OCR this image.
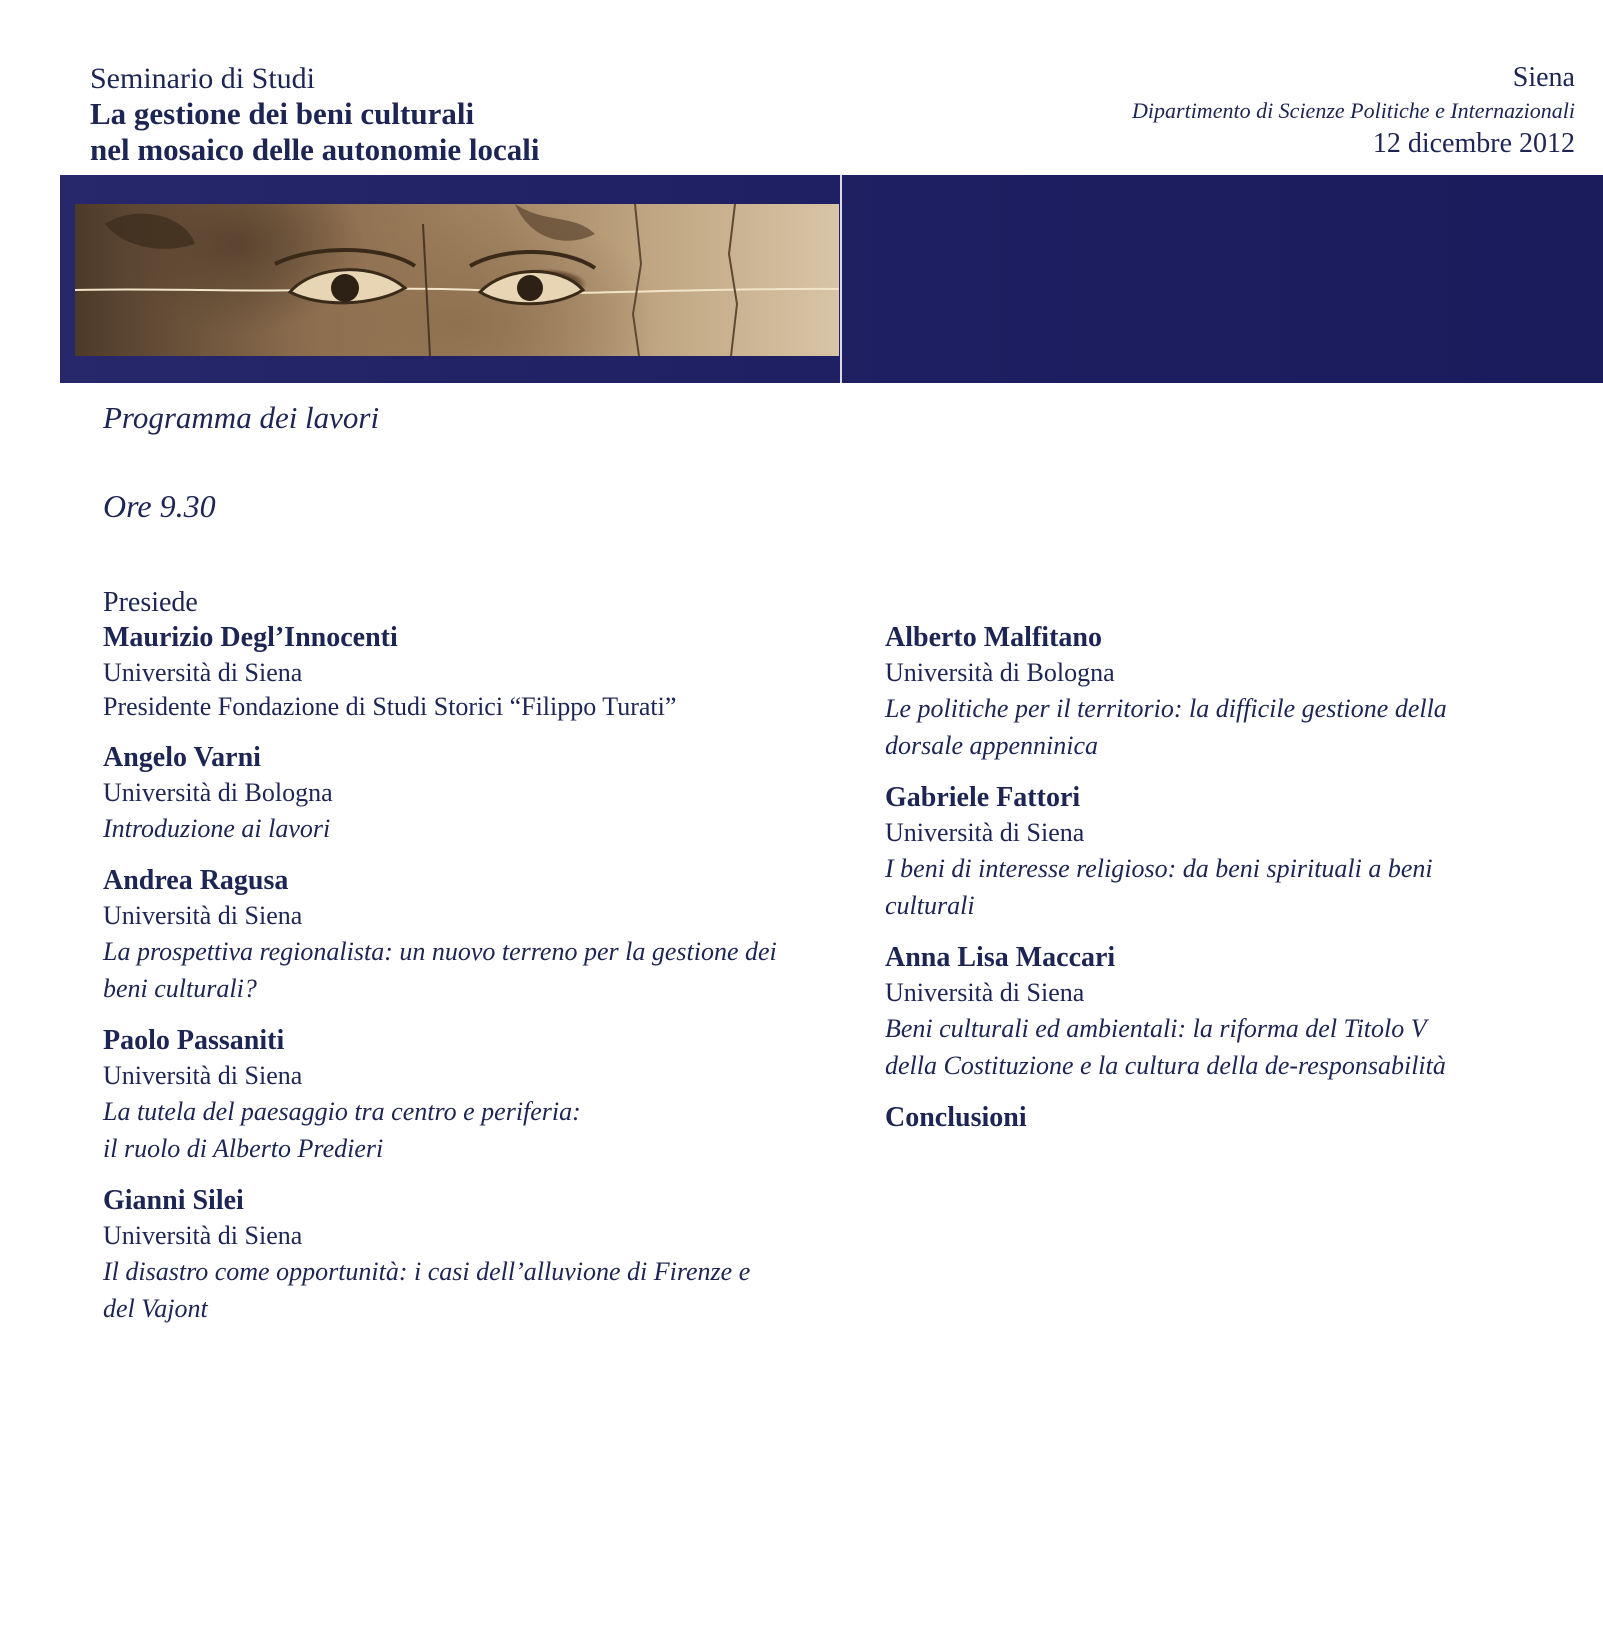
Seminario di Studi
La gestione dei beni culturali
nel mosaico delle autonomie locali
Siena
Dipartimento di Scienze Politiche e Internazionali
12 dicembre 2012
Programma dei lavori
Ore 9.30
Presiede
Maurizio Degl’Innocenti
Università di Siena
Presidente Fondazione di Studi Storici “Filippo Turati”
Angelo Varni
Università di Bologna
Introduzione ai lavori
Andrea Ragusa
Università di Siena
La prospettiva regionalista: un nuovo terreno per la gestione dei
beni culturali?
Paolo Passaniti
Università di Siena
La tutela del paesaggio tra centro e periferia:
il ruolo di Alberto Predieri
Gianni Silei
Università di Siena
Il disastro come opportunità: i casi dell’alluvione di Firenze e
del Vajont
Alberto Malfitano
Università di Bologna
Le politiche per il territorio: la difficile gestione della
dorsale appenninica
Gabriele Fattori
Università di Siena
I beni di interesse religioso: da beni spirituali a beni
culturali
Anna Lisa Maccari
Università di Siena
Beni culturali ed ambientali: la riforma del Titolo V
della Costituzione e la cultura della de-responsabilità
Conclusioni
